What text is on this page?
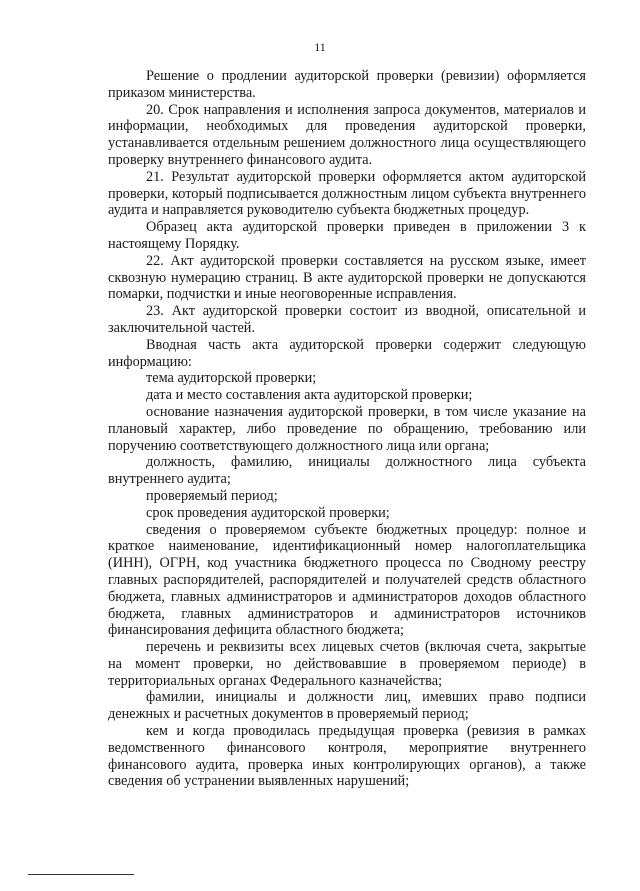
11

Решение о продлении аудиторской проверки (ревизии) оформляется приказом министерства.

20. Срок направления и исполнения запроса документов, материалов и информации, необходимых для проведения аудиторской проверки, устанавливается отдельным решением должностного лица осуществляющего проверку внутреннего финансового аудита.

21. Результат аудиторской проверки оформляется актом аудиторской проверки, который подписывается должностным лицом субъекта внутреннего аудита и направляется руководителю субъекта бюджетных процедур.

Образец акта аудиторской проверки приведен в приложении 3 к настоящему Порядку.

22. Акт аудиторской проверки составляется на русском языке, имеет сквозную нумерацию страниц. В акте аудиторской проверки не допускаются помарки, подчистки и иные неоговоренные исправления.

23. Акт аудиторской проверки состоит из вводной, описательной и заключительной частей.

Вводная часть акта аудиторской проверки содержит следующую информацию:

тема аудиторской проверки;

дата и место составления акта аудиторской проверки;

основание назначения аудиторской проверки, в том числе указание на плановый характер, либо проведение по обращению, требованию или поручению соответствующего должностного лица или органа;

должность, фамилию, инициалы должностного лица субъекта внутреннего аудита;

проверяемый период;

срок проведения аудиторской проверки;

сведения о проверяемом субъекте бюджетных процедур: полное и краткое наименование, идентификационный номер налогоплательщика (ИНН), ОГРН, код участника бюджетного процесса по Сводному реестру главных распорядителей, распорядителей и получателей средств областного бюджета, главных администраторов и администраторов доходов областного бюджета, главных администраторов и администраторов источников финансирования дефицита областного бюджета;

перечень и реквизиты всех лицевых счетов (включая счета, закрытые на момент проверки, но действовавшие в проверяемом периоде) в территориальных органах Федерального казначейства;

фамилии, инициалы и должности лиц, имевших право подписи денежных и расчетных документов в проверяемый период;

кем и когда проводилась предыдущая проверка (ревизия в рамках ведомственного финансового контроля, мероприятие внутреннего финансового аудита, проверка иных контролирующих органов), а также сведения об устранении выявленных нарушений;
